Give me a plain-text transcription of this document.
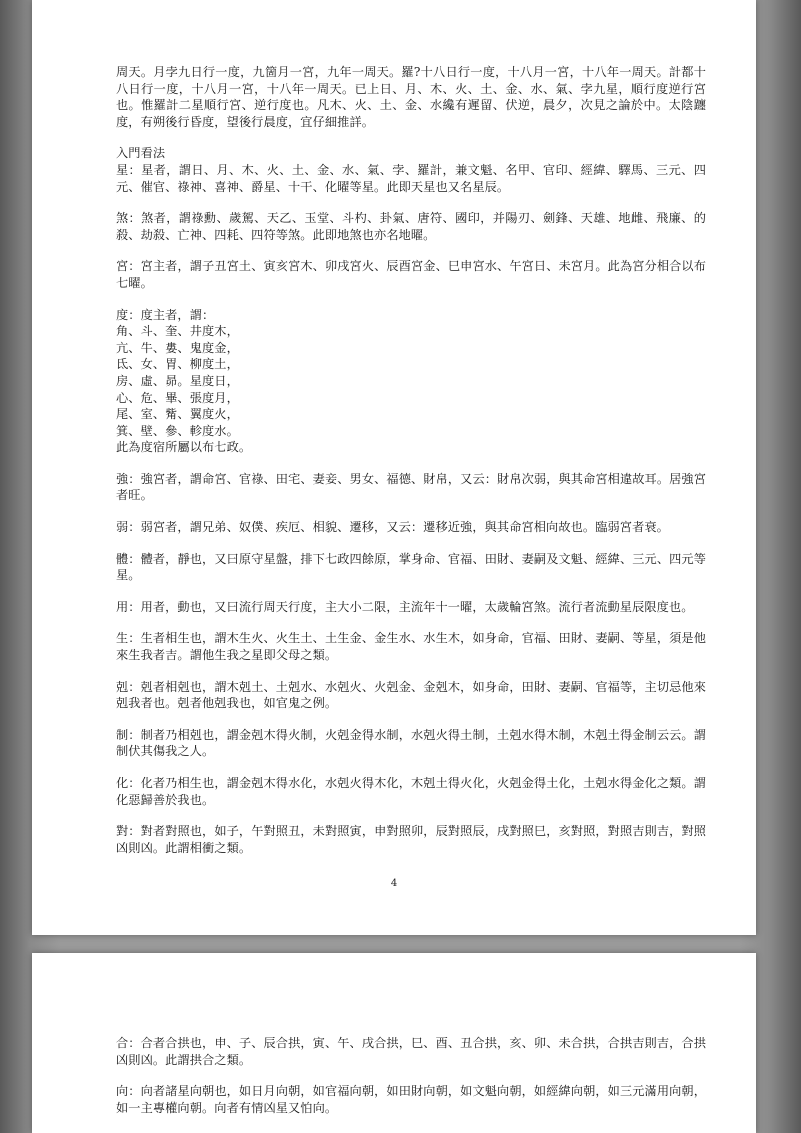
周天。月孛九日行一度，九箇月一宮，九年一周天。羅?十八日行一度，十八月一宮，十八年一周天。計都十八日行一度，十八月一宮，十八年一周天。已上日、月、木、火、土、金、水、氣、孛九星，順行度逆行宮也。惟羅計二星順行宮、逆行度也。凡木、火、土、金、水纔有遲留、伏逆，晨夕，次見之論於中。太陰躔度，有朔後行昏度，望後行晨度，宜仔細推詳。

入門看法

星：星者，謂日、月、木、火、土、金、水、氣、孛、羅計，兼文魁、名甲、官印、經緯、驛馬、三元、四元、催官、祿神、喜神、爵星、十干、化曜等星。此即天星也又名星辰。

煞：煞者，謂祿勳、歲駕、天乙、玉堂、斗杓、卦氣、唐符、國印，并陽刃、劍鋒、天雄、地雌、飛廉、的殺、劫殺、亡神、四耗、四符等煞。此即地煞也亦名地曜。

宮：宮主者，謂子丑宮土、寅亥宮木、卯戌宮火、辰酉宮金、巳申宮水、午宮日、未宮月。此為宮分相合以布七曜。

度：度主者，謂：

角、斗、奎、井度木，

亢、牛、婁、鬼度金，

氐、女、胃、柳度土，

房、虛、昴。星度日，

心、危、畢、張度月，

尾、室、觜、翼度火，

箕、壁、參、軫度水。

此為度宿所屬以布七政。

強：強宮者，謂命宮、官祿、田宅、妻妾、男女、福德、財帛，又云：財帛次弱，與其命宮相違故耳。居強宮者旺。

弱：弱宮者，謂兄弟、奴僕、疾厄、相貌、遷移，又云：遷移近強，與其命宮相向故也。臨弱宮者衰。

體：體者，靜也，又曰原守星盤，排下七政四餘原，掌身命、官福、田財、妻嗣及文魁、經緯、三元、四元等星。

用：用者，動也，又曰流行周天行度，主大小二限，主流年十一曜，太歲輪宮煞。流行者流動星辰限度也。

生：生者相生也，謂木生火、火生土、土生金、金生水、水生木，如身命，官福、田財、妻嗣、等星，須是他來生我者吉。謂他生我之星即父母之類。

剋：剋者相剋也，謂木剋土、土剋水、水剋火、火剋金、金剋木，如身命，田財、妻嗣、官福等，主切忌他來剋我者也。剋者他剋我也，如官鬼之例。

制：制者乃相剋也，謂金剋木得火制，火剋金得水制，水剋火得土制，土剋水得木制，木剋土得金制云云。謂制伏其傷我之人。

化：化者乃相生也，謂金剋木得水化，水剋火得木化，木剋土得火化，火剋金得土化，土剋水得金化之類。謂化惡歸善於我也。

對：對者對照也，如子，午對照丑，未對照寅，申對照卯，辰對照辰，戌對照巳，亥對照，對照吉則吉，對照凶則凶。此謂相衝之類。

4

合：合者合拱也，申、子、辰合拱，寅、午、戌合拱，巳、酉、丑合拱，亥、卯、未合拱，合拱吉則吉，合拱凶則凶。此謂拱合之類。

向：向者諸星向朝也，如日月向朝，如官福向朝，如田財向朝，如文魁向朝，如經緯向朝，如三元滿用向朝，如一主專權向朝。向者有情凶星又怕向。
